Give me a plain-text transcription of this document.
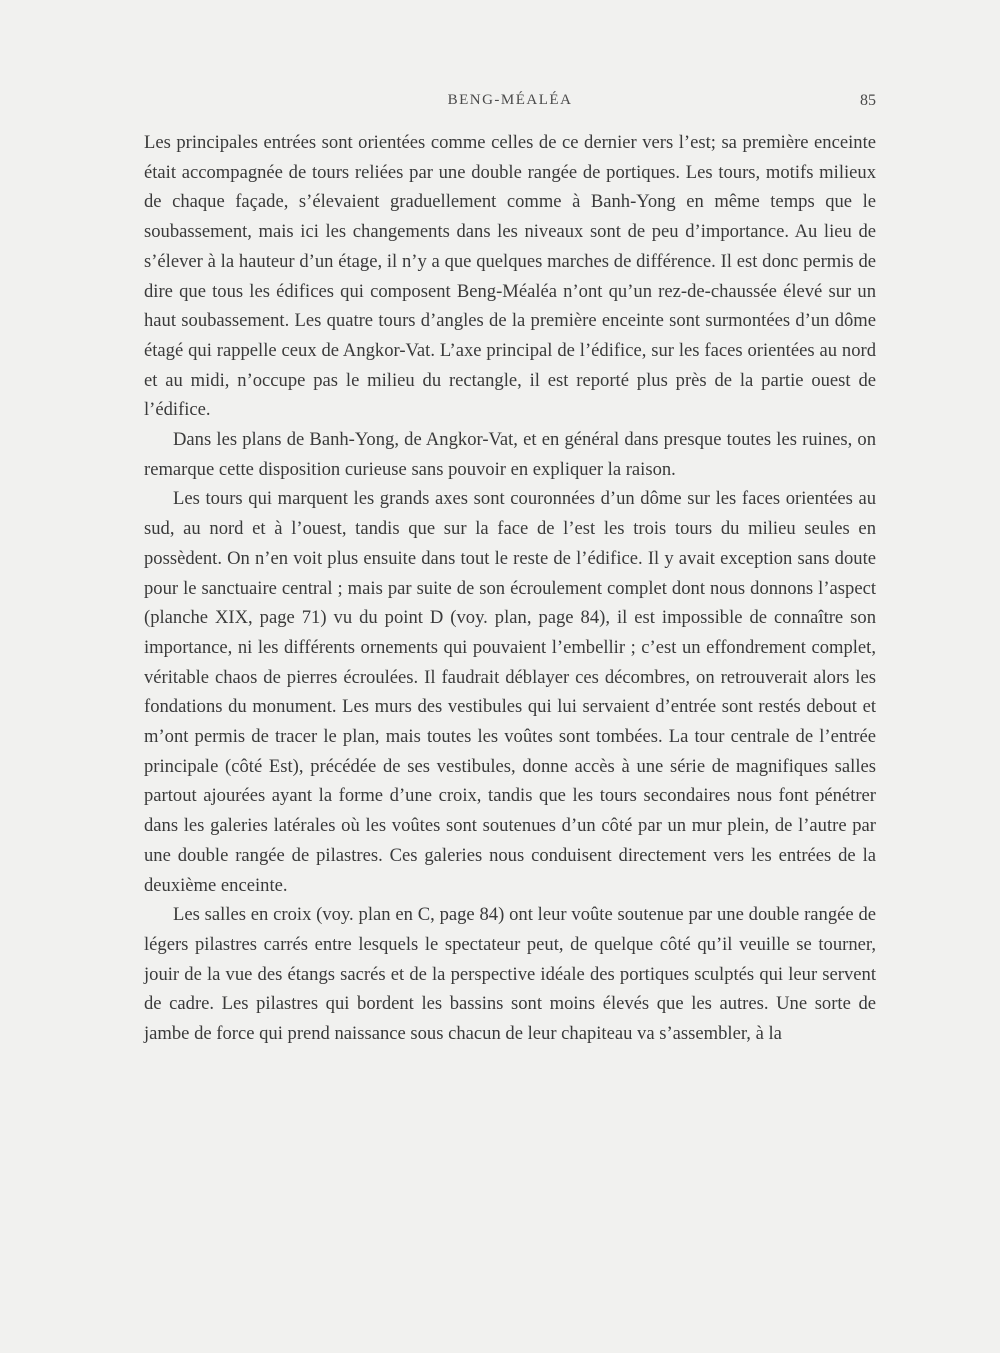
BENG-MÉALÉA	85

Les principales entrées sont orientées comme celles de ce dernier vers l’est; sa première enceinte était accompagnée de tours reliées par une double rangée de portiques. Les tours, motifs milieux de chaque façade, s’élevaient graduellement comme à Banh-Yong en même temps que le soubassement, mais ici les changements dans les niveaux sont de peu d’importance. Au lieu de s’élever à la hauteur d’un étage, il n’y a que quelques marches de différence. Il est donc permis de dire que tous les édifices qui composent Beng-Méaléa n’ont qu’un rez-de-chaussée élevé sur un haut soubassement. Les quatre tours d’angles de la première enceinte sont surmontées d’un dôme étagé qui rappelle ceux de Angkor-Vat. L’axe principal de l’édifice, sur les faces orientées au nord et au midi, n’occupe pas le milieu du rectangle, il est reporté plus près de la partie ouest de l’édifice.

Dans les plans de Banh-Yong, de Angkor-Vat, et en général dans presque toutes les ruines, on remarque cette disposition curieuse sans pouvoir en expliquer la raison.

Les tours qui marquent les grands axes sont couronnées d’un dôme sur les faces orientées au sud, au nord et à l’ouest, tandis que sur la face de l’est les trois tours du milieu seules en possèdent. On n’en voit plus ensuite dans tout le reste de l’édifice. Il y avait exception sans doute pour le sanctuaire central ; mais par suite de son écroulement complet dont nous donnons l’aspect (planche XIX, page 71) vu du point D (voy. plan, page 84), il est impossible de connaître son importance, ni les différents ornements qui pouvaient l’embellir ; c’est un effondrement complet, véritable chaos de pierres écroulées. Il faudrait déblayer ces décombres, on retrouverait alors les fondations du monument. Les murs des vestibules qui lui servaient d’entrée sont restés debout et m’ont permis de tracer le plan, mais toutes les voûtes sont tombées. La tour centrale de l’entrée principale (côté Est), précédée de ses vestibules, donne accès à une série de magnifiques salles partout ajourées ayant la forme d’une croix, tandis que les tours secondaires nous font pénétrer dans les galeries latérales où les voûtes sont soutenues d’un côté par un mur plein, de l’autre par une double rangée de pilastres. Ces galeries nous conduisent directement vers les entrées de la deuxième enceinte.

Les salles en croix (voy. plan en C, page 84) ont leur voûte soutenue par une double rangée de légers pilastres carrés entre lesquels le spectateur peut, de quelque côté qu’il veuille se tourner, jouir de la vue des étangs sacrés et de la perspective idéale des portiques sculptés qui leur servent de cadre. Les pilastres qui bordent les bassins sont moins élevés que les autres. Une sorte de jambe de force qui prend naissance sous chacun de leur chapiteau va s’assembler, à la
